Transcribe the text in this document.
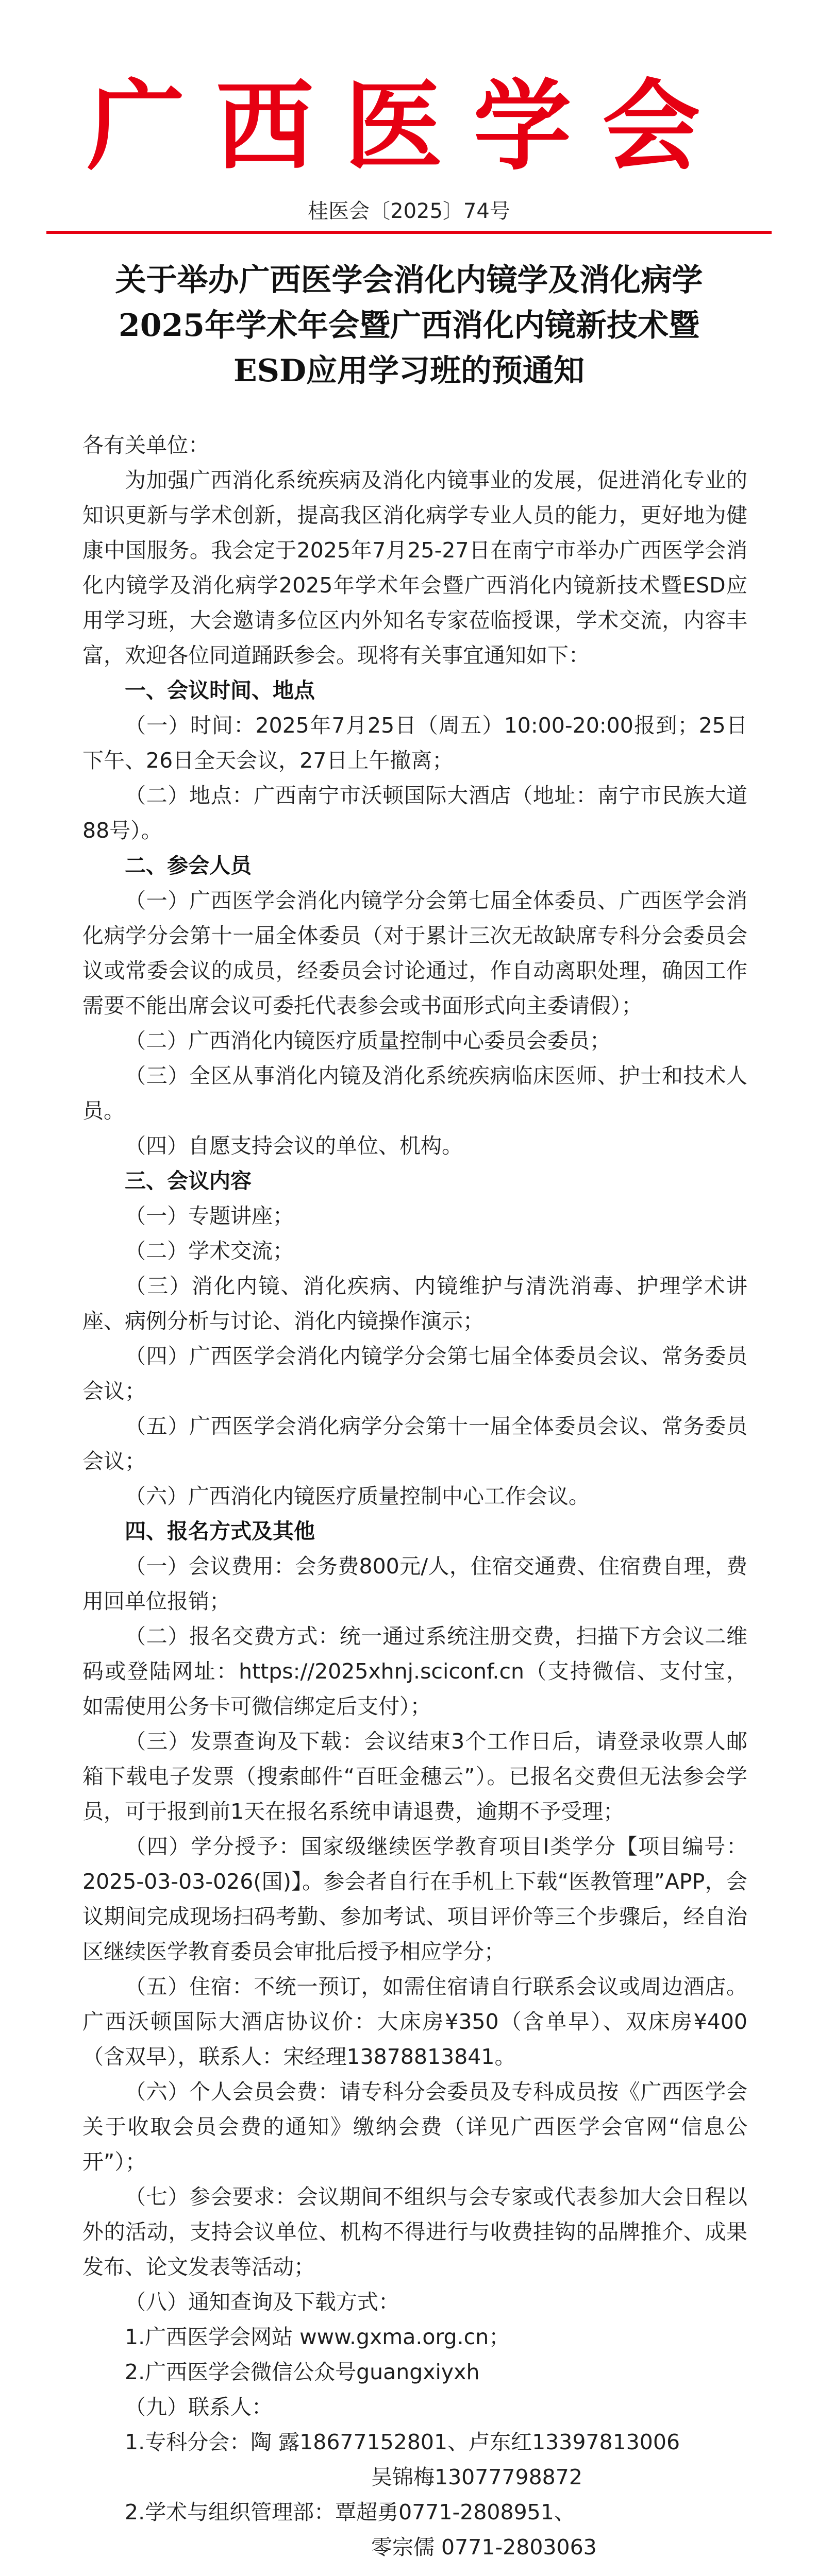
广西医学会
桂医会〔2025〕74号
关于举办广西医学会消化内镜学及消化病学
2025年学术年会暨广西消化内镜新技术暨
ESD应用学习班的预通知

各有关单位：

为加强广西消化系统疾病及消化内镜事业的发展，促进消化专业的知识更新与学术创新，提高我区消化病学专业人员的能力，更好地为健康中国服务。我会定于2025年7月25-27日在南宁市举办广西医学会消化内镜学及消化病学2025年学术年会暨广西消化内镜新技术暨ESD应用学习班，大会邀请多位区内外知名专家莅临授课，学术交流，内容丰富，欢迎各位同道踊跃参会。现将有关事宜通知如下：

一、会议时间、地点

（一）时间：2025年7月25日（周五）10:00-20:00报到；25日下午、26日全天会议，27日上午撤离；

（二）地点：广西南宁市沃顿国际大酒店（地址：南宁市民族大道88号）。

二、参会人员

（一）广西医学会消化内镜学分会第七届全体委员、广西医学会消化病学分会第十一届全体委员（对于累计三次无故缺席专科分会委员会议或常委会议的成员，经委员会讨论通过，作自动离职处理，确因工作需要不能出席会议可委托代表参会或书面形式向主委请假）；

（二）广西消化内镜医疗质量控制中心委员会委员；

（三）全区从事消化内镜及消化系统疾病临床医师、护士和技术人员。

（四）自愿支持会议的单位、机构。

三、会议内容

（一）专题讲座；

（二）学术交流；

（三）消化内镜、消化疾病、内镜维护与清洗消毒、护理学术讲座、病例分析与讨论、消化内镜操作演示；

（四）广西医学会消化内镜学分会第七届全体委员会议、常务委员会议；

（五）广西医学会消化病学分会第十一届全体委员会议、常务委员会议；

（六）广西消化内镜医疗质量控制中心工作会议。

四、报名方式及其他

（一）会议费用：会务费800元/人，住宿交通费、住宿费自理，费用回单位报销；

（二）报名交费方式：统一通过系统注册交费，扫描下方会议二维码或登陆网址：https://2025xhnj.sciconf.cn（支持微信、支付宝，如需使用公务卡可微信绑定后支付）；

（三）发票查询及下载：会议结束3个工作日后，请登录收票人邮箱下载电子发票（搜索邮件“百旺金穗云”）。已报名交费但无法参会学员，可于报到前1天在报名系统申请退费，逾期不予受理；

（四）学分授予：国家级继续医学教育项目Ⅰ类学分【项目编号：2025-03-03-026(国)】。参会者自行在手机上下载“医教管理”APP，会议期间完成现场扫码考勤、参加考试、项目评价等三个步骤后，经自治区继续医学教育委员会审批后授予相应学分；

（五）住宿：不统一预订，如需住宿请自行联系会议或周边酒店。广西沃顿国际大酒店协议价：大床房¥350（含单早）、双床房¥400（含双早），联系人：宋经理13878813841。

（六）个人会员会费：请专科分会委员及专科成员按《广西医学会关于收取会员会费的通知》缴纳会费（详见广西医学会官网“信息公开”）；

（七）参会要求：会议期间不组织与会专家或代表参加大会日程以外的活动，支持会议单位、机构不得进行与收费挂钩的品牌推介、成果发布、论文发表等活动；

（八）通知查询及下载方式：

1.广西医学会网站 www.gxma.org.cn；

2.广西医学会微信公众号guangxiyxh

（九）联系人：

1.专科分会：陶 露18677152801、卢东红13397813006

吴锦梅13077798872

2.学术与组织管理部：覃超勇0771-2808951、

零宗儒 0771-2803063
